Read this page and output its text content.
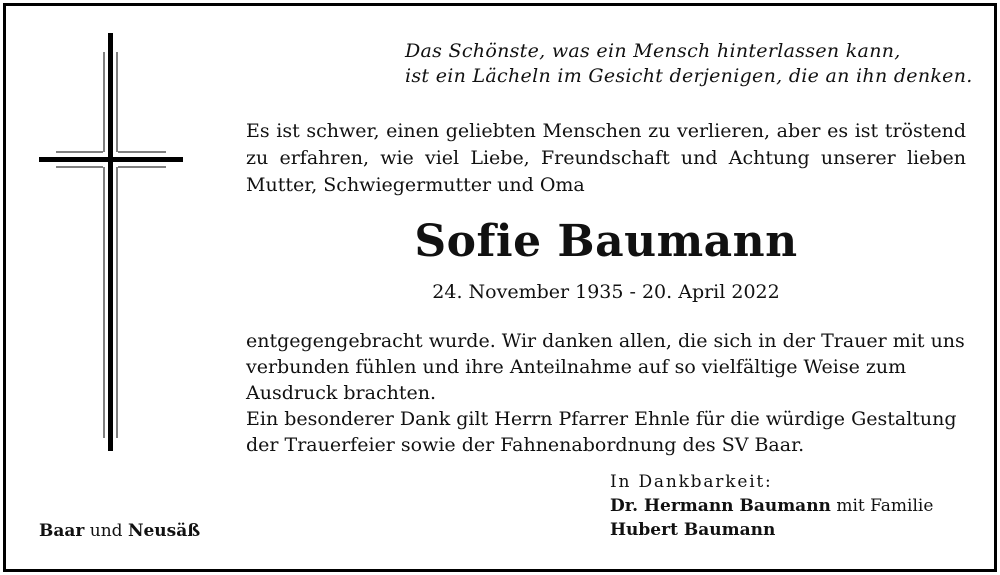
Das Schönste, was ein Mensch hinterlassen kann,
ist ein Lächeln im Gesicht derjenigen, die an ihn denken.
Es ist schwer, einen geliebten Menschen zu verlieren, aber es ist tröstend zu erfahren, wie viel Liebe, Freundschaft und Achtung unserer lieben Mutter, Schwiegermutter und Oma
Sofie Baumann
24. November 1935 - 20. April 2022

entgegengebracht wurde. Wir danken allen, die sich in der Trauer mit uns

verbunden fühlen und ihre Anteilnahme auf so vielfältige Weise zum

Ausdruck brachten.

Ein besonderer Dank gilt Herrn Pfarrer Ehnle für die würdige Gestaltung

der Trauerfeier sowie der Fahnenabordnung des SV Baar.

Baar und Neusäß
In Dankbarkeit:
Dr. Hermann Baumann mit Familie
Hubert Baumann
